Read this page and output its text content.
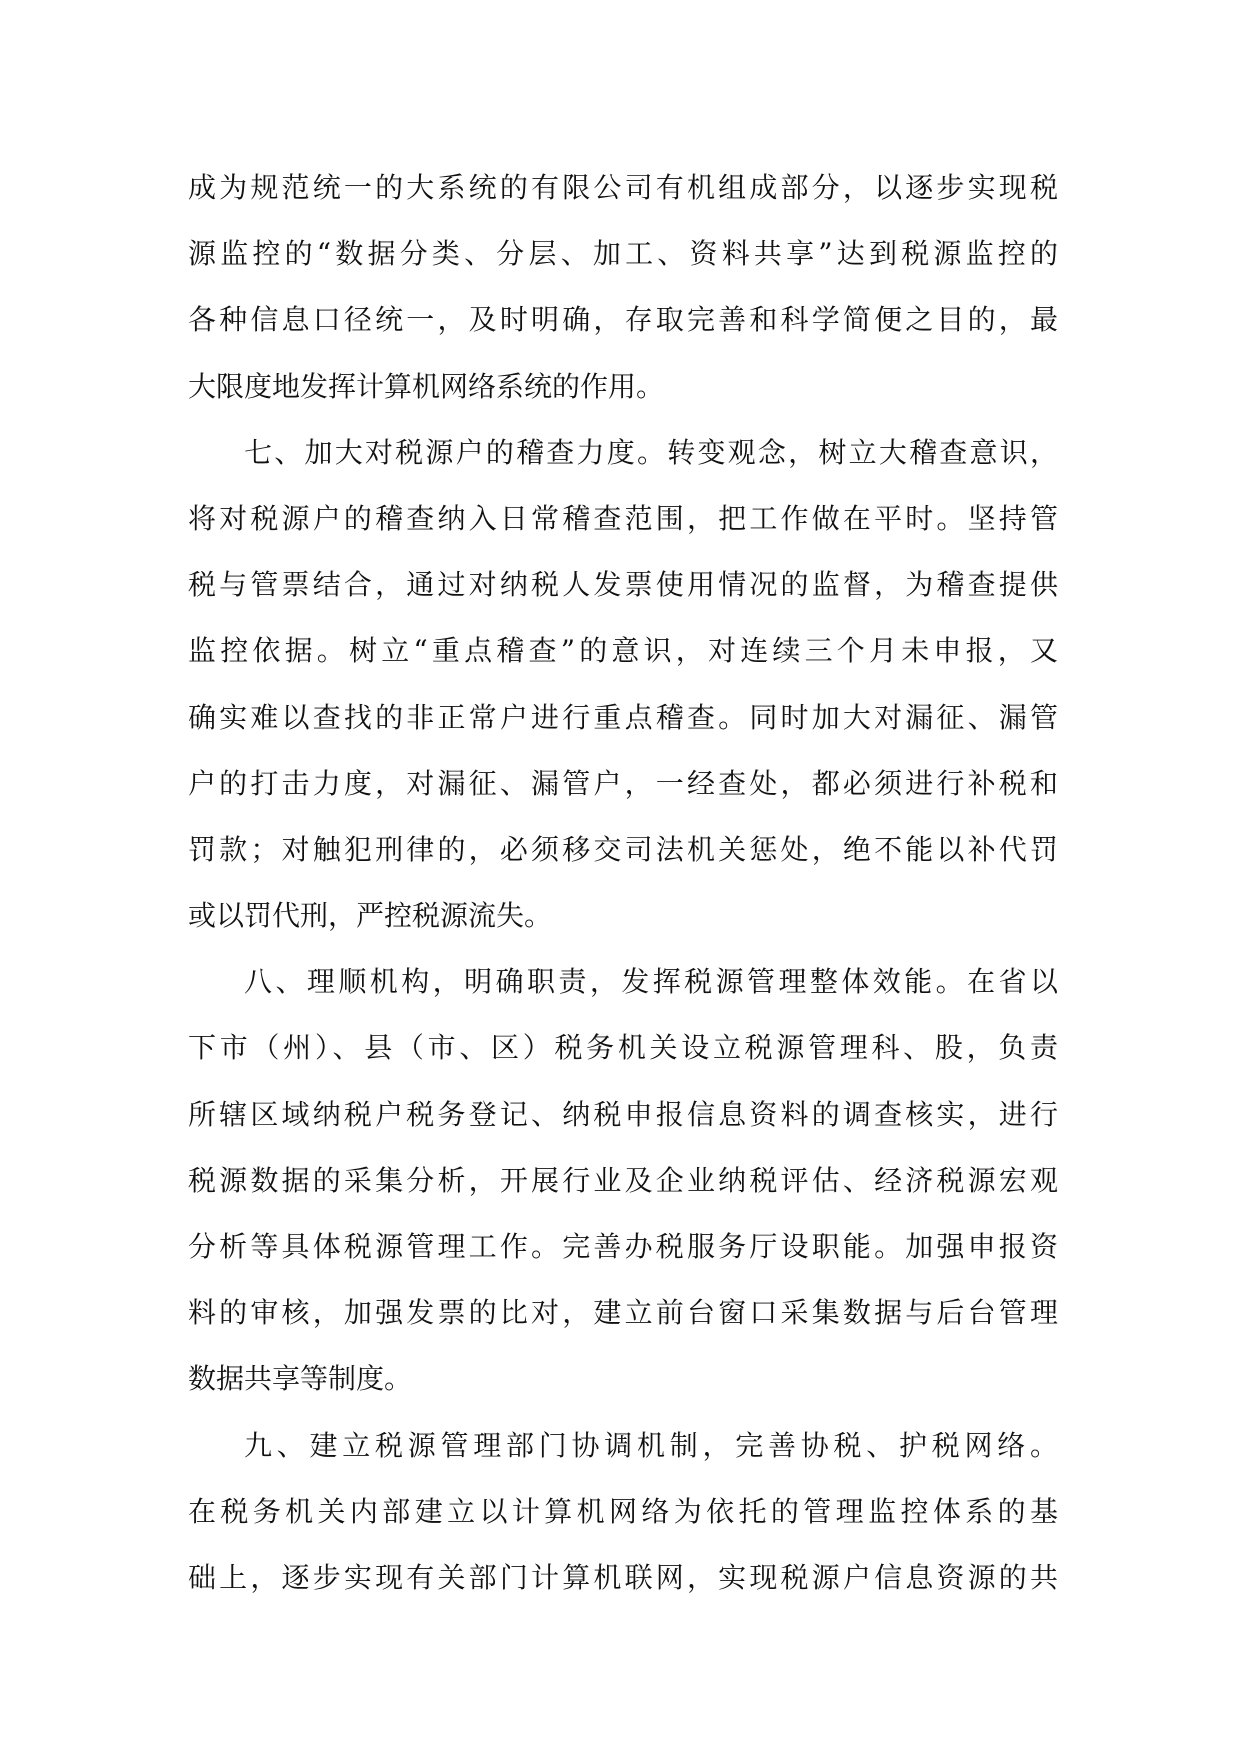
成为规范统一的大系统的有限公司有机组成部分，以逐步实现税
源监控的“数据分类、分层、加工、资料共享”达到税源监控的
各种信息口径统一，及时明确，存取完善和科学简便之目的，最
大限度地发挥计算机网络系统的作用。
七、加大对税源户的稽查力度。转变观念，树立大稽查意识，
将对税源户的稽查纳入日常稽查范围，把工作做在平时。坚持管
税与管票结合，通过对纳税人发票使用情况的监督，为稽查提供
监控依据。树立“重点稽查”的意识，对连续三个月未申报，又
确实难以查找的非正常户进行重点稽查。同时加大对漏征、漏管
户的打击力度，对漏征、漏管户，一经查处，都必须进行补税和
罚款；对触犯刑律的，必须移交司法机关惩处，绝不能以补代罚
或以罚代刑，严控税源流失。
八、理顺机构，明确职责，发挥税源管理整体效能。在省以
下市（州）、县（市、区）税务机关设立税源管理科、股，负责
所辖区域纳税户税务登记、纳税申报信息资料的调查核实，进行
税源数据的采集分析，开展行业及企业纳税评估、经济税源宏观
分析等具体税源管理工作。完善办税服务厅设职能。加强申报资
料的审核，加强发票的比对，建立前台窗口采集数据与后台管理
数据共享等制度。
九、建立税源管理部门协调机制，完善协税、护税网络。
在税务机关内部建立以计算机网络为依托的管理监控体系的基
础上，逐步实现有关部门计算机联网，实现税源户信息资源的共
